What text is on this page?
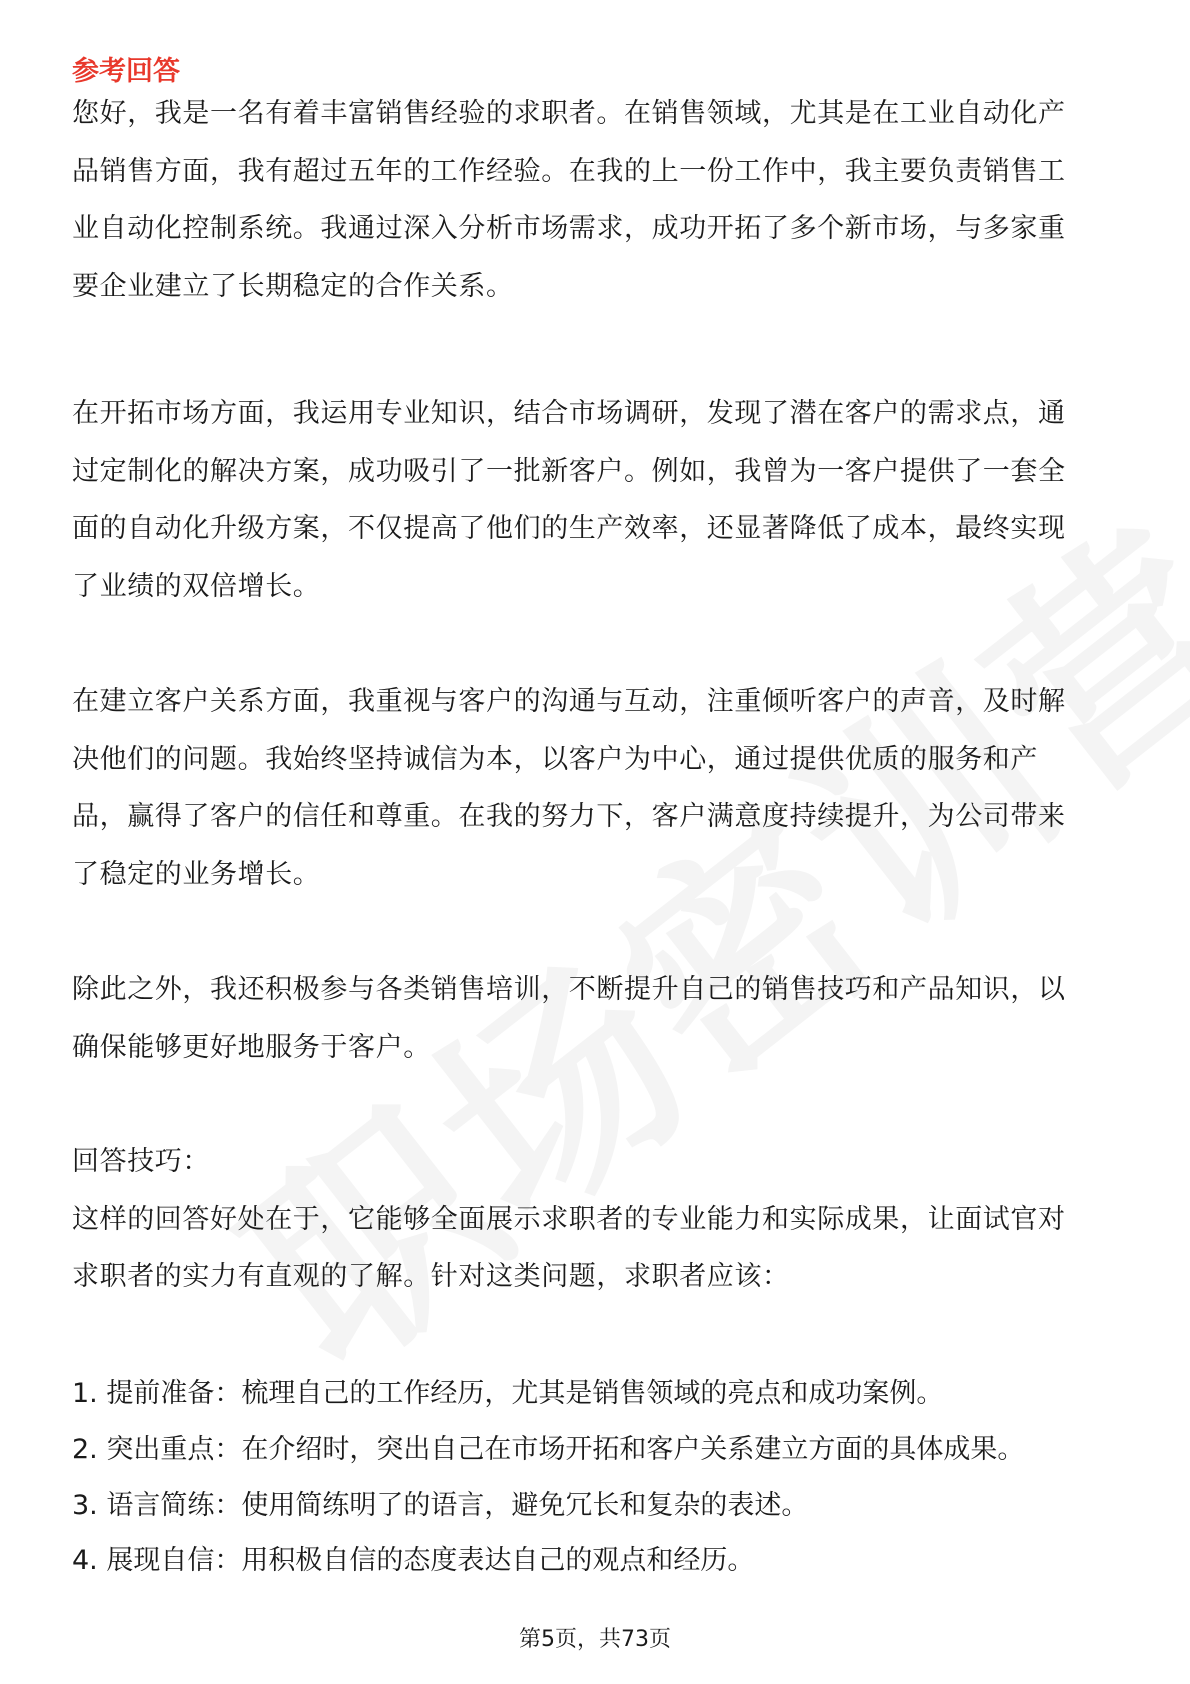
参考回答
您好，我是一名有着丰富销售经验的求职者。在销售领域，尤其是在工业自动化产
品销售方面，我有超过五年的工作经验。在我的上一份工作中，我主要负责销售工
业自动化控制系统。我通过深入分析市场需求，成功开拓了多个新市场，与多家重
要企业建立了长期稳定的合作关系。
在开拓市场方面，我运用专业知识，结合市场调研，发现了潜在客户的需求点，通
过定制化的解决方案，成功吸引了一批新客户。例如，我曾为一客户提供了一套全
面的自动化升级方案，不仅提高了他们的生产效率，还显著降低了成本，最终实现
了业绩的双倍增长。
在建立客户关系方面，我重视与客户的沟通与互动，注重倾听客户的声音，及时解
决他们的问题。我始终坚持诚信为本，以客户为中心，通过提供优质的服务和产
品，赢得了客户的信任和尊重。在我的努力下，客户满意度持续提升，为公司带来
了稳定的业务增长。
除此之外，我还积极参与各类销售培训，不断提升自己的销售技巧和产品知识，以
确保能够更好地服务于客户。
回答技巧：
这样的回答好处在于，它能够全面展示求职者的专业能力和实际成果，让面试官对
求职者的实力有直观的了解。针对这类问题，求职者应该：

1. 提前准备：梳理自己的工作经历，尤其是销售领域的亮点和成功案例。

2. 突出重点：在介绍时，突出自己在市场开拓和客户关系建立方面的具体成果。

3. 语言简练：使用简练明了的语言，避免冗长和复杂的表述。

4. 展现自信：用积极自信的态度表达自己的观点和经历。

第5页，共73页
